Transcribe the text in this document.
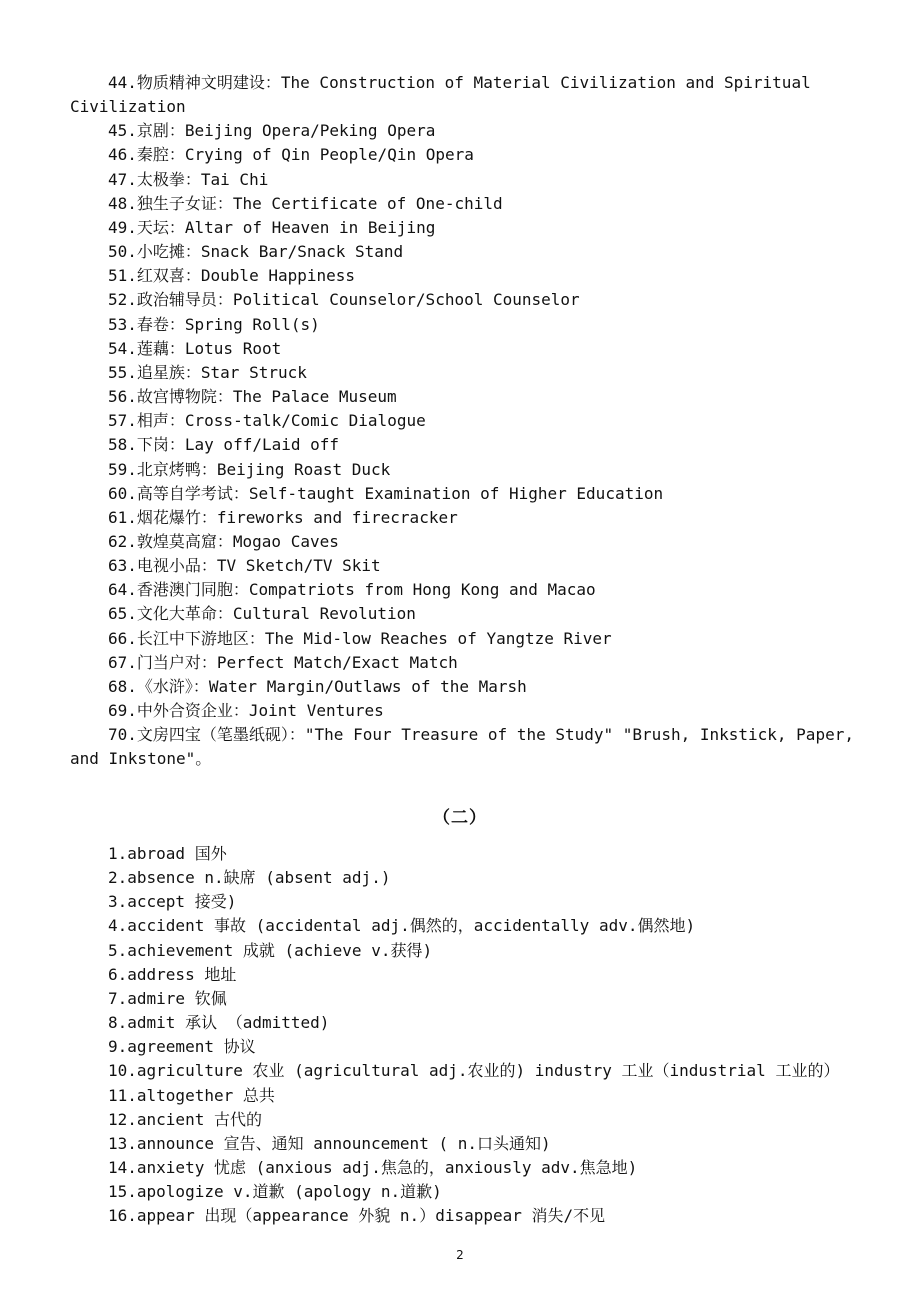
44.物质精神文明建设：The Construction of Material Civilization and Spiritual Civilization
45.京剧：Beijing Opera/Peking Opera
46.秦腔：Crying of Qin People/Qin Opera
47.太极拳：Tai Chi
48.独生子女证：The Certificate of One-child
49.天坛：Altar of Heaven in Beijing
50.小吃摊：Snack Bar/Snack Stand
51.红双喜：Double Happiness
52.政治辅导员：Political Counselor/School Counselor
53.春卷：Spring Roll(s)
54.莲藕：Lotus Root
55.追星族：Star Struck
56.故宫博物院：The Palace Museum
57.相声：Cross-talk/Comic Dialogue
58.下岗：Lay off/Laid off
59.北京烤鸭：Beijing Roast Duck
60.高等自学考试：Self-taught Examination of Higher Education
61.烟花爆竹：fireworks and firecracker
62.敦煌莫高窟：Mogao Caves
63.电视小品：TV Sketch/TV Skit
64.香港澳门同胞：Compatriots from Hong Kong and Macao
65.文化大革命：Cultural Revolution
66.长江中下游地区：The Mid-low Reaches of Yangtze River
67.门当户对：Perfect Match/Exact Match
68.《水浒》：Water Margin/Outlaws of the Marsh
69.中外合资企业：Joint Ventures
70.文房四宝（笔墨纸砚）："The Four Treasure of the Study" "Brush, Inkstick, Paper, and Inkstone"。
（二）
1.abroad 国外
2.absence n.缺席 (absent adj.)
3.accept 接受)
4.accident 事故 (accidental adj.偶然的，accidentally adv.偶然地)
5.achievement 成就 (achieve v.获得)
6.address 地址
7.admire 钦佩
8.admit 承认 （admitted)
9.agreement 协议
10.agriculture 农业 (agricultural adj.农业的) industry 工业（industrial 工业的）
11.altogether 总共
12.ancient 古代的
13.announce 宣告、通知 announcement ( n.口头通知)
14.anxiety 忧虑 (anxious adj.焦急的，anxiously adv.焦急地)
15.apologize v.道歉 (apology n.道歉)
16.appear 出现（appearance 外貌 n.）disappear 消失/不见
2
